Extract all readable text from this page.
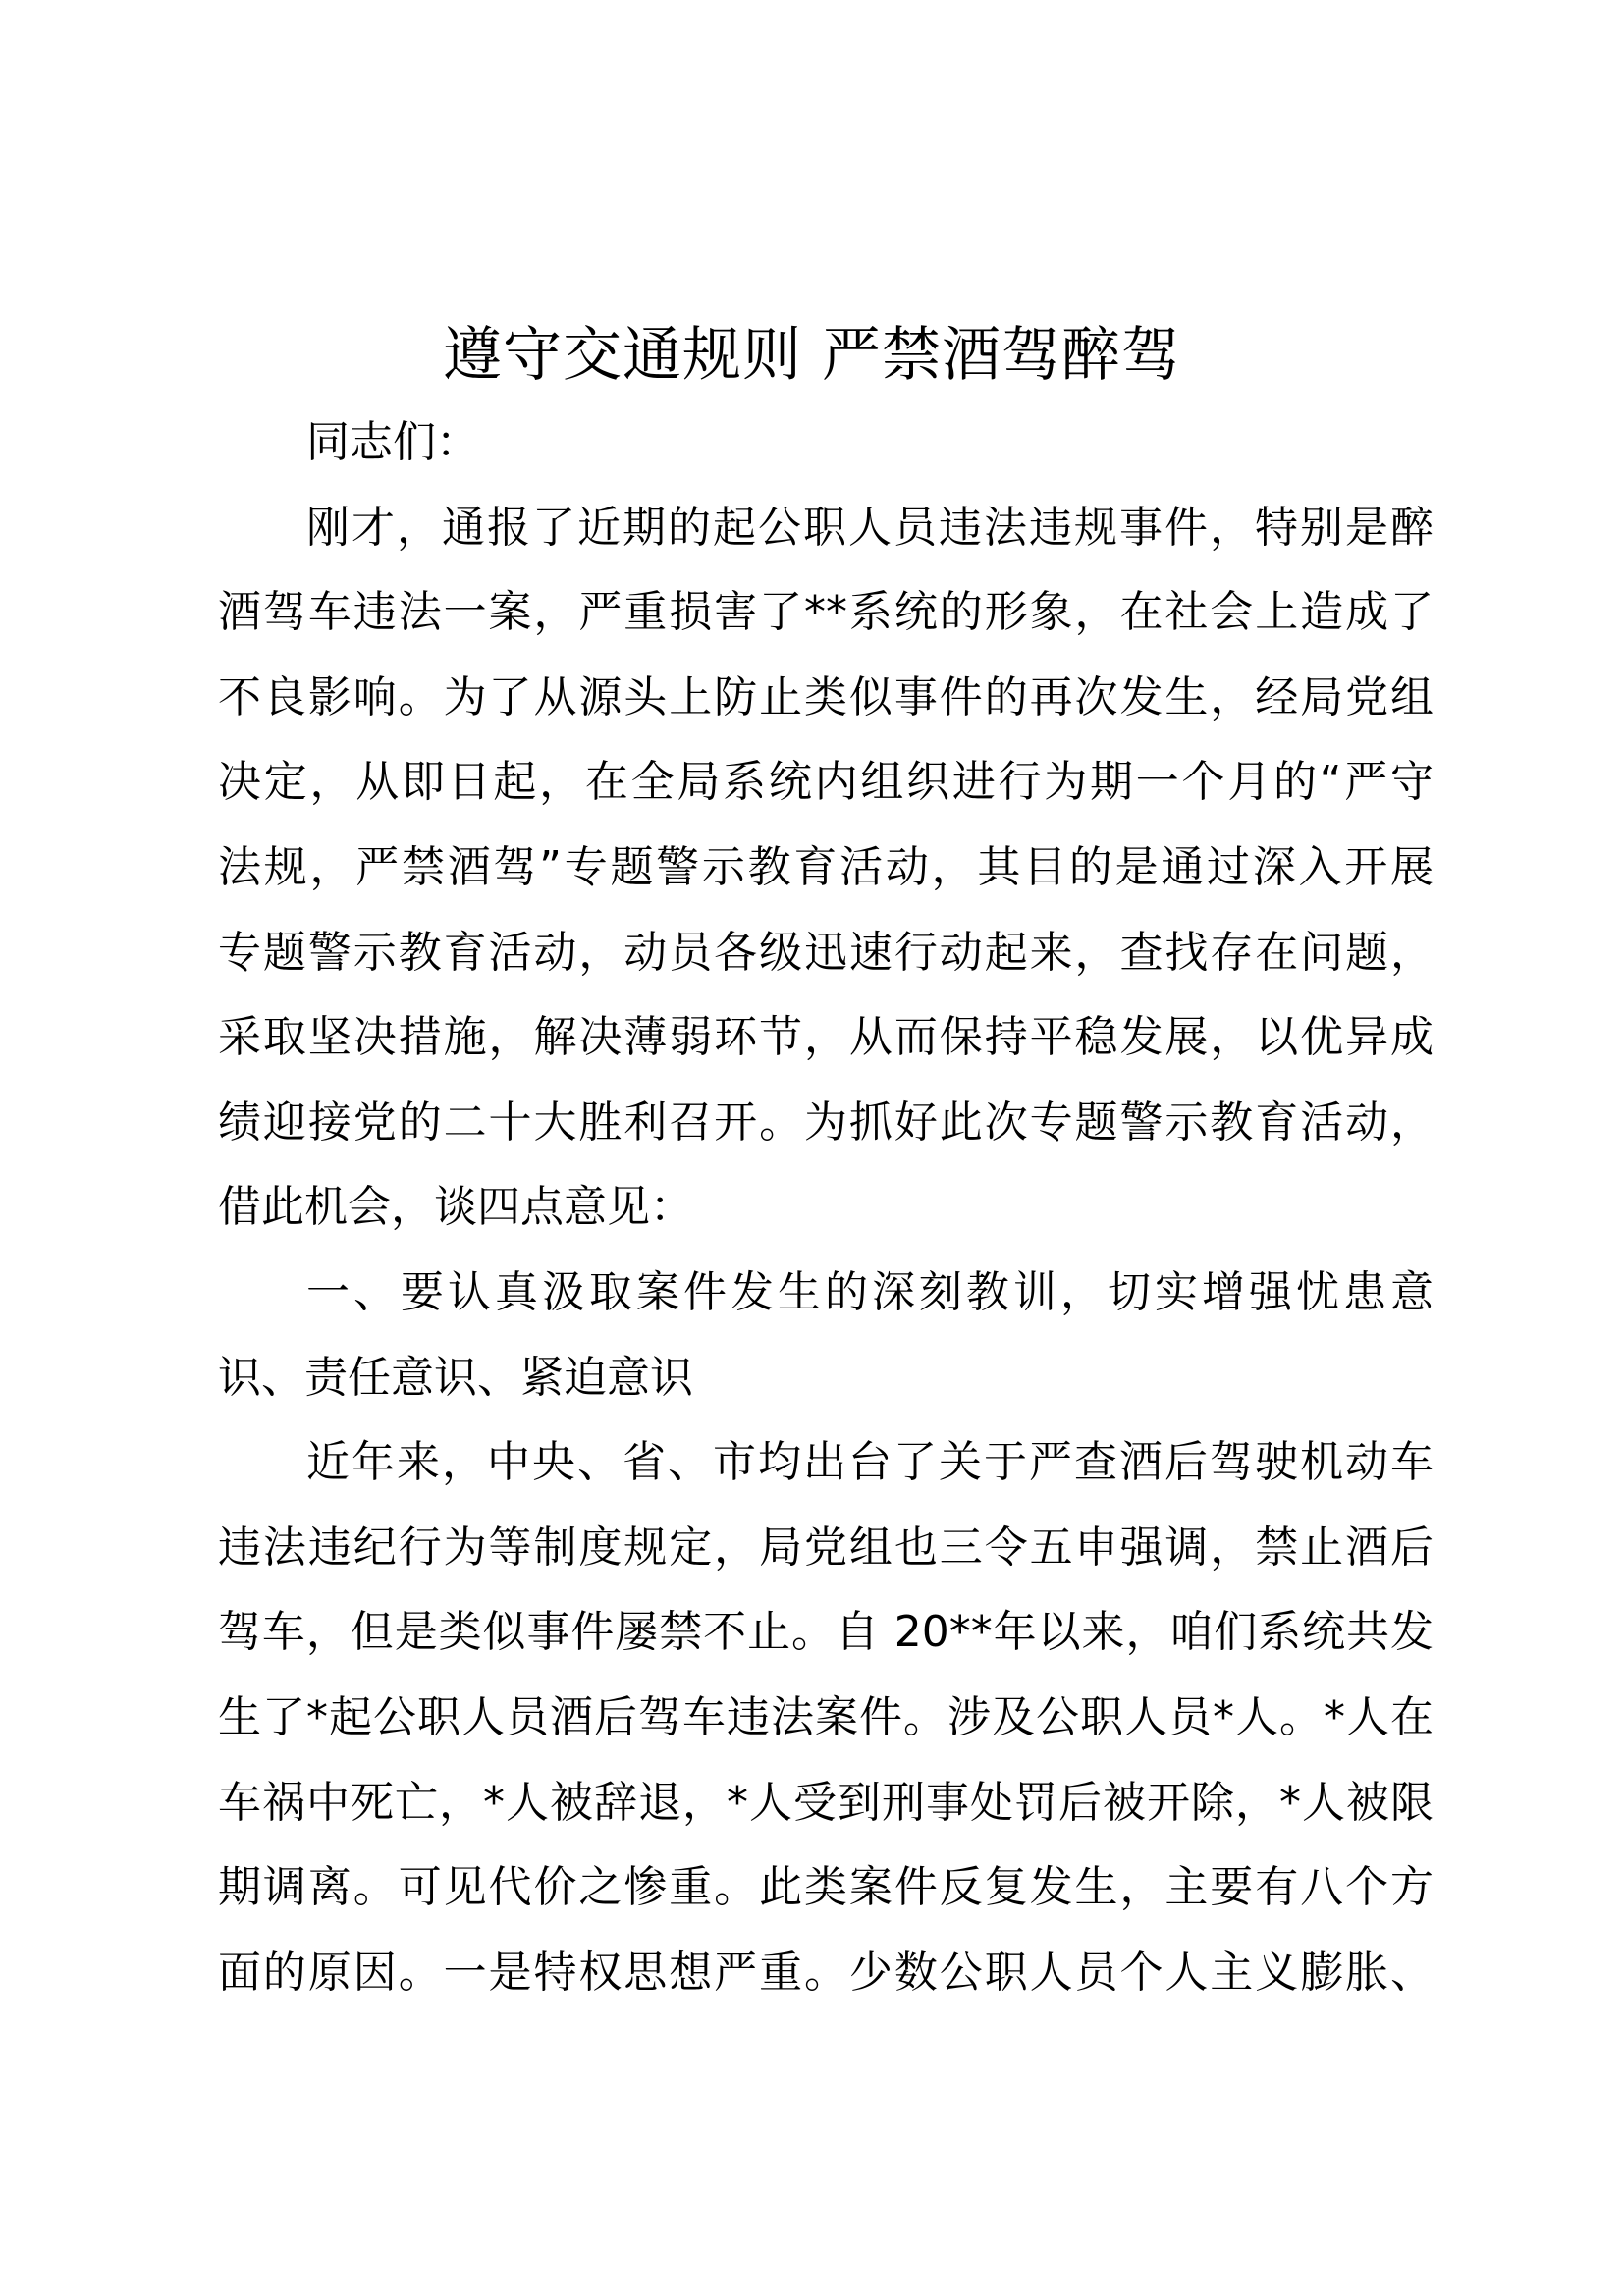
遵守交通规则 严禁酒驾醉驾
同志们：
刚才，通报了近期的起公职人员违法违规事件，特别是醉
酒驾车违法一案，严重损害了**系统的形象，在社会上造成了
不良影响。为了从源头上防止类似事件的再次发生，经局党组
决定，从即日起，在全局系统内组织进行为期一个月的“严守
法规，严禁酒驾”专题警示教育活动，其目的是通过深入开展
专题警示教育活动，动员各级迅速行动起来，查找存在问题，
采取坚决措施，解决薄弱环节，从而保持平稳发展，以优异成
绩迎接党的二十大胜利召开。为抓好此次专题警示教育活动，
借此机会，谈四点意见：
一、要认真汲取案件发生的深刻教训，切实增强忧患意
识、责任意识、紧迫意识
近年来，中央、省、市均出台了关于严查酒后驾驶机动车
违法违纪行为等制度规定，局党组也三令五申强调，禁止酒后
驾车，但是类似事件屡禁不止。自 20**年以来，咱们系统共发
生了*起公职人员酒后驾车违法案件。涉及公职人员*人。*人在
车祸中死亡，*人被辞退，*人受到刑事处罚后被开除，*人被限
期调离。可见代价之惨重。此类案件反复发生，主要有八个方
面的原因。一是特权思想严重。少数公职人员个人主义膨胀、
